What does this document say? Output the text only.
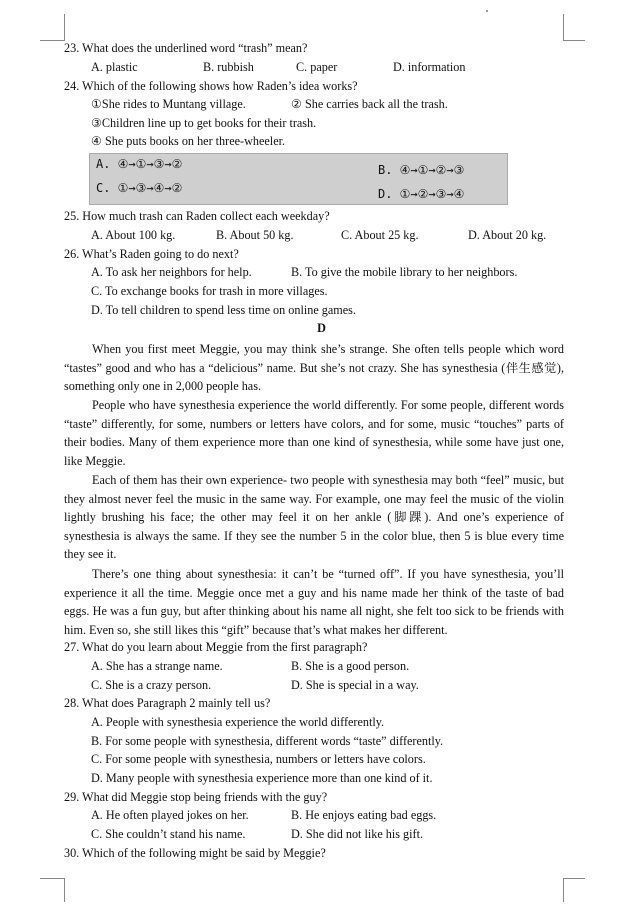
23. What does the underlined word “trash” mean?
A. plastic	B. rubbish	C. paper	D. information
24. Which of the following shows how Raden’s idea works?
①She rides to Muntang village.	② She carries back all the trash.
③Children line up to get books for their trash.
④ She puts books on her three-wheeler.
A. ④→①→③→②	B. ④→①→②→③
C. ①→③→④→②	D. ①→②→③→④
25. How much trash can Raden collect each weekday?
A. About 100 kg.	B. About 50 kg.	C. About 25 kg.	D. About 20 kg.
26. What’s Raden going to do next?
A. To ask her neighbors for help.	B. To give the mobile library to her neighbors.
C. To exchange books for trash in more villages.
D. To tell children to spend less time on online games.
D
When you first meet Meggie, you may think she’s strange. She often tells people which word “tastes” good and who has a “delicious” name. But she’s not crazy. She has synesthesia (伴生感觉), something only one in 2,000 people has.
People who have synesthesia experience the world differently. For some people, different words “taste” differently, for some, numbers or letters have colors, and for some, music “touches” parts of their bodies. Many of them experience more than one kind of synesthesia, while some have just one, like Meggie.
Each of them has their own experience- two people with synesthesia may both “feel” music, but they almost never feel the music in the same way. For example, one may feel the music of the violin lightly brushing his face; the other may feel it on her ankle (脚踝). And one’s experience of synesthesia is always the same. If they see the number 5 in the color blue, then 5 is blue every time they see it.
There’s one thing about synesthesia: it can’t be “turned off”. If you have synesthesia, you’ll experience it all the time. Meggie once met a guy and his name made her think of the taste of bad eggs. He was a fun guy, but after thinking about his name all night, she felt too sick to be friends with him. Even so, she still likes this “gift” because that’s what makes her different.
27. What do you learn about Meggie from the first paragraph?
A. She has a strange name.	B. She is a good person.
C. She is a crazy person.	D. She is special in a way.
28. What does Paragraph 2 mainly tell us?
A. People with synesthesia experience the world differently.
B. For some people with synesthesia, different words “taste” differently.
C. For some people with synesthesia, numbers or letters have colors.
D. Many people with synesthesia experience more than one kind of it.
29. What did Meggie stop being friends with the guy?
A. He often played jokes on her.	B. He enjoys eating bad eggs.
C. She couldn’t stand his name.	D. She did not like his gift.
30. Which of the following might be said by Meggie?
